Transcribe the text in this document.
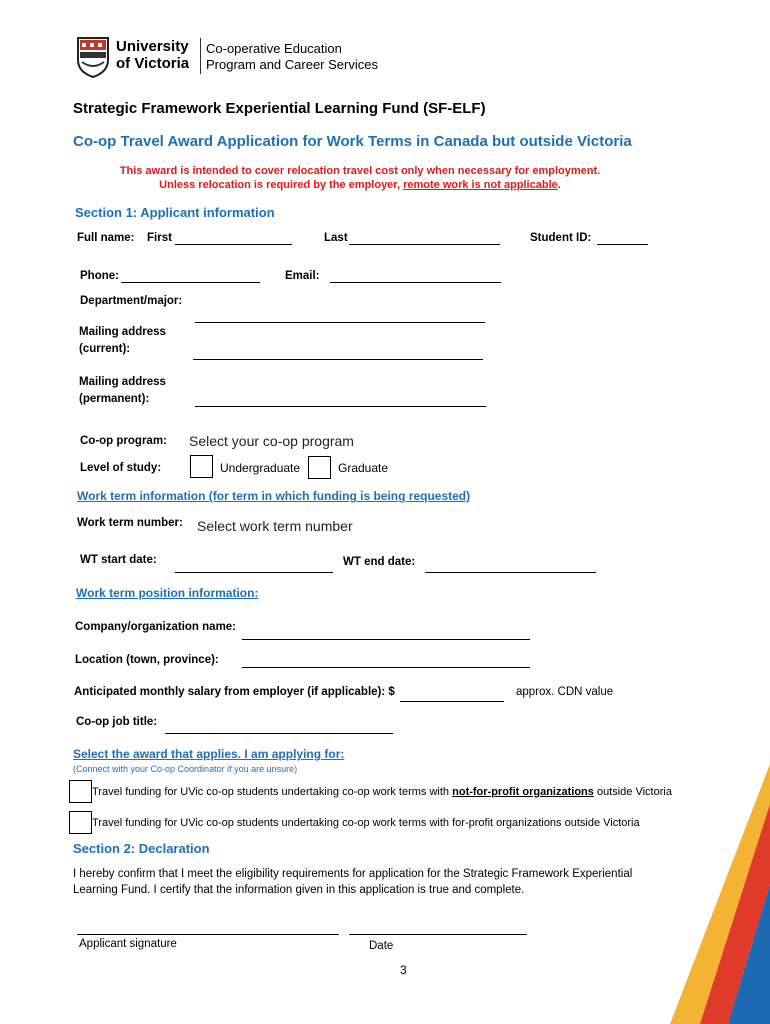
University
of Victoria
Co-operative Education
Program and Career Services
Strategic Framework Experiential Learning Fund (SF-ELF)
Co-op Travel Award Application for Work Terms in Canada but outside Victoria
This award is intended to cover relocation travel cost only when necessary for employment.
Unless relocation is required by the employer, remote work is not applicable.
Section 1: Applicant information
Full name: First	Last	Student ID:
Phone:	Email:
Department/major:
Mailing address
(current):
Mailing address
(permanent):
Co-op program: Select your co-op program
Level of study:	Undergraduate	Graduate
Work term information (for term in which funding is being requested)
Work term number: Select work term number
WT start date:	WT end date:
Work term position information:
Company/organization name:
Location (town, province):
Anticipated monthly salary from employer (if applicable): $	approx. CDN value
Co-op job title:
Select the award that applies. I am applying for:
(Connect with your Co-op Coordinator if you are unsure)
Travel funding for UVic co-op students undertaking co-op work terms with not-for-profit organizations outside Victoria
Travel funding for UVic co-op students undertaking co-op work terms with for-profit organizations outside Victoria
Section 2: Declaration
I hereby confirm that I meet the eligibility requirements for application for the Strategic Framework Experiential
Learning Fund. I certify that the information given in this application is true and complete.
Applicant signature	Date
3
